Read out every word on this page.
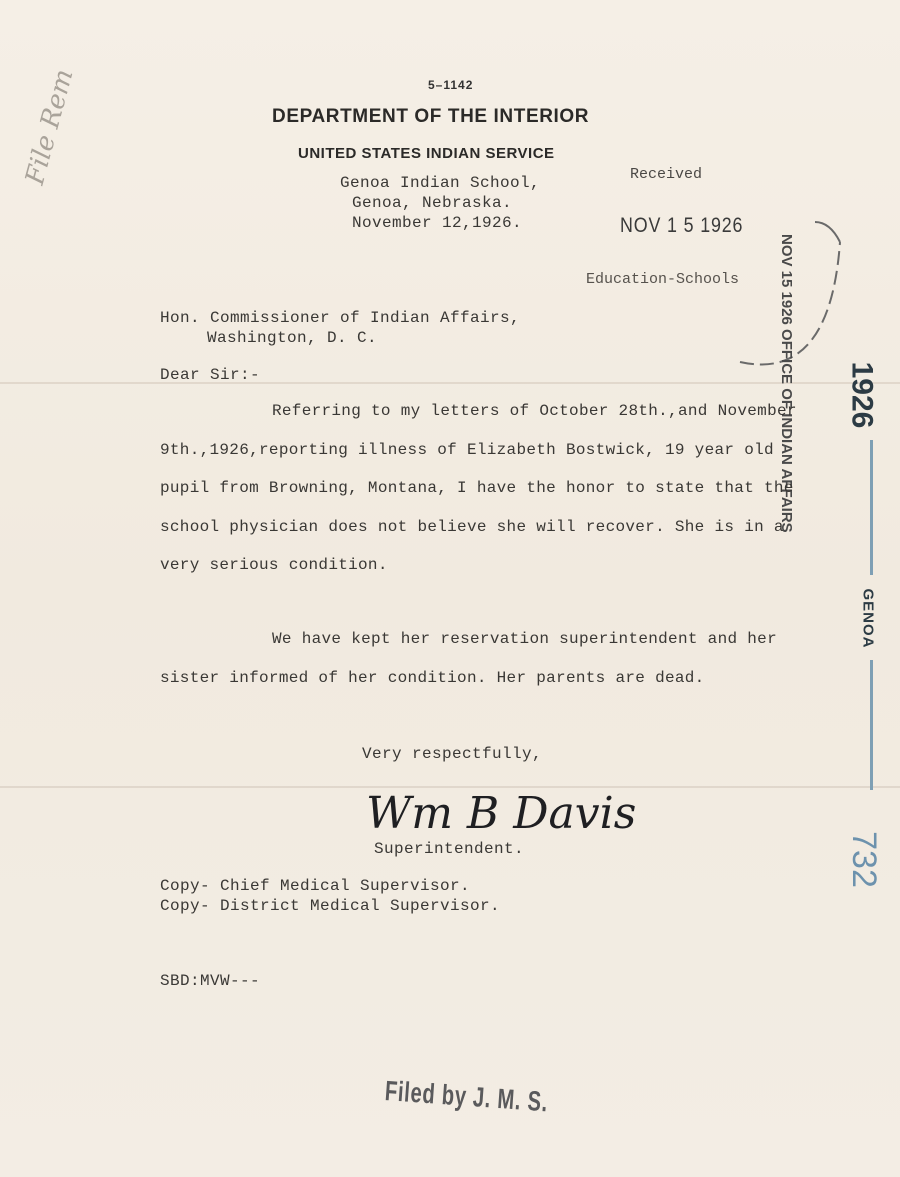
File Rem	5–1142
DEPARTMENT OF THE INTERIOR
UNITED STATES INDIAN SERVICE
Genoa Indian School,
Genoa, Nebraska.
November 12,1926.
Received
NOV 1 5 1926
Education-Schools	NOV 15 1926 OFFICE OF INDIAN AFFAIRS
Hon. Commissioner of Indian Affairs,
Washington, D. C.
Dear Sir:-
Referring to my letters of October 28th.,and November 9th.,1926,reporting illness of Elizabeth Bostwick, 19 year old pupil from Browning, Montana, I have the honor to state that the school physician does not believe she will recover. She is in a very serious condition.
We have kept her reservation superintendent and her sister informed of her condition. Her parents are dead.
Very respectfully,
Wm B Davis
Superintendent.
Copy- Chief Medical Supervisor.
Copy- District Medical Supervisor.
SBD:MVW---
1926
GENOA
732
Filed by J. M. S.
